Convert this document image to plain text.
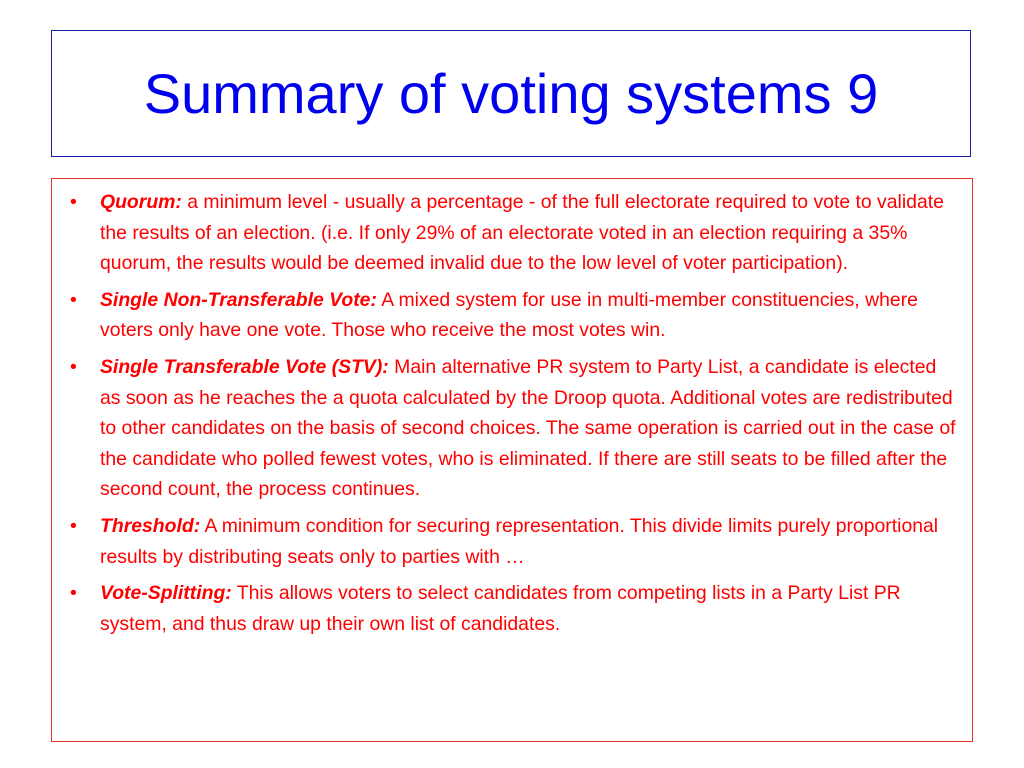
Summary of voting systems 9
• Quorum: a minimum level - usually a percentage - of the full electorate required to vote to validate the results of an election. (i.e. If only 29% of an electorate voted in an election requiring a 35% quorum, the results would be deemed invalid due to the low level of voter participation).
• Single Non-Transferable Vote: A mixed system for use in multi-member constituencies, where voters only have one vote. Those who receive the most votes win.
• Single Transferable Vote (STV): Main alternative PR system to Party List, a candidate is elected as soon as he reaches the a quota calculated by the Droop quota. Additional votes are redistributed to other candidates on the basis of second choices. The same operation is carried out in the case of the candidate who polled fewest votes, who is eliminated. If there are still seats to be filled after the second count, the process continues.
• Threshold: A minimum condition for securing representation. This divide limits purely proportional results by distributing seats only to parties with …
• Vote-Splitting: This allows voters to select candidates from competing lists in a Party List PR system, and thus draw up their own list of candidates.
